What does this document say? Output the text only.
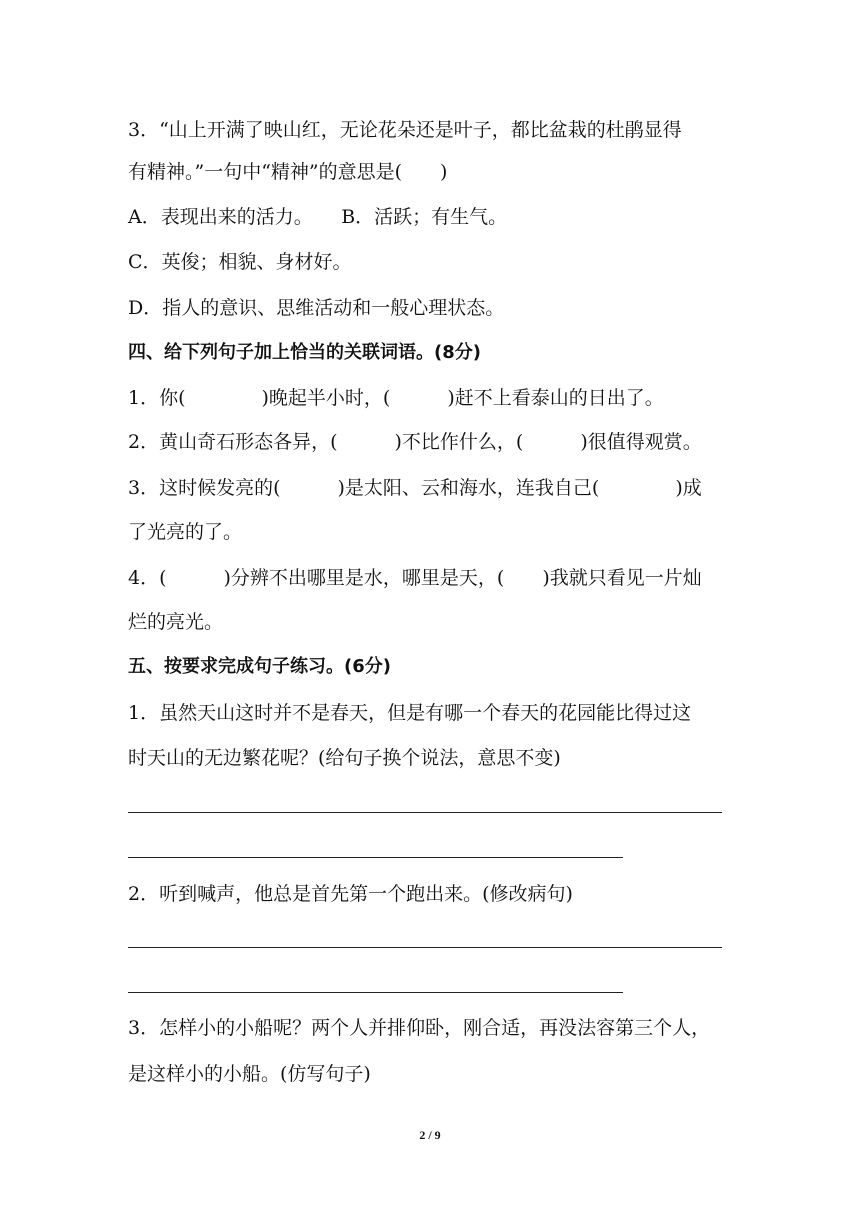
3．“山上开满了映山红，无论花朵还是叶子，都比盆栽的杜鹃显得
有精神。”一句中“精神”的意思是(　　)
A．表现出来的活力。　　B．活跃；有生气。
C．英俊；相貌、身材好。
D．指人的意识、思维活动和一般心理状态。
四、给下列句子加上恰当的关联词语。(8分)
1．你(　　　　)晚起半小时，(　　　)赶不上看泰山的日出了。
2．黄山奇石形态各异，(　　　)不比作什么，(　　　)很值得观赏。
3．这时候发亮的(　　　)是太阳、云和海水，连我自己(　　　　)成
了光亮的了。
4．(　　　)分辨不出哪里是水，哪里是天，(　　)我就只看见一片灿
烂的亮光。
五、按要求完成句子练习。(6分)
1．虽然天山这时并不是春天，但是有哪一个春天的花园能比得过这
时天山的无边繁花呢？(给句子换个说法，意思不变)
2．听到喊声，他总是首先第一个跑出来。(修改病句)
3．怎样小的小船呢？两个人并排仰卧，刚合适，再没法容第三个人，
是这样小的小船。(仿写句子)
2 / 9
